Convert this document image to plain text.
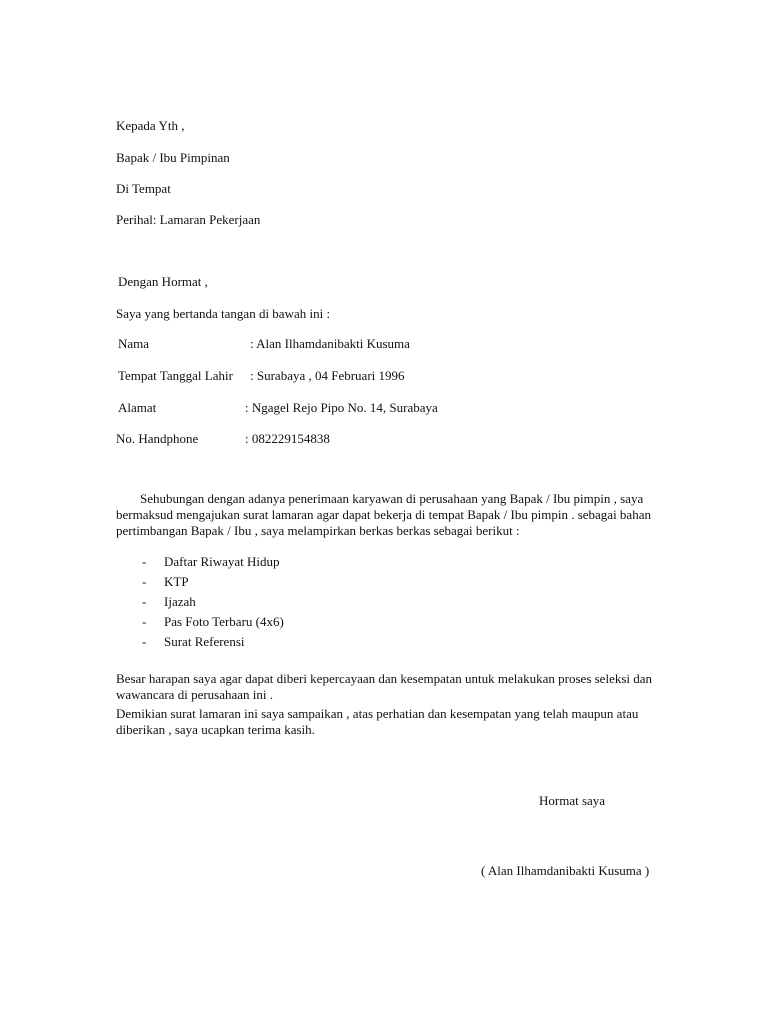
Kepada Yth ,
Bapak / Ibu Pimpinan
Di Tempat
Perihal: Lamaran Pekerjaan
Dengan Hormat ,
Saya yang bertanda tangan di bawah ini :
Nama	: Alan Ilhamdanibakti Kusuma
Tempat Tanggal Lahir : Surabaya , 04 Februari 1996
Alamat	: Ngagel Rejo Pipo No. 14, Surabaya
No. Handphone	: 082229154838
Sehubungan dengan adanya penerimaan karyawan di perusahaan yang Bapak / Ibu pimpin , saya bermaksud mengajukan surat lamaran agar dapat bekerja di tempat Bapak / Ibu pimpin . sebagai bahan pertimbangan Bapak / Ibu , saya melampirkan berkas berkas sebagai berikut :
- Daftar Riwayat Hidup
- KTP
- Ijazah
- Pas Foto Terbaru (4x6)
- Surat Referensi
Besar harapan saya agar dapat diberi kepercayaan dan kesempatan untuk melakukan proses seleksi dan wawancara di perusahaan ini .
Demikian surat lamaran ini saya sampaikan , atas perhatian dan kesempatan yang telah maupun atau diberikan , saya ucapkan terima kasih.
Hormat saya
( Alan Ilhamdanibakti Kusuma )
